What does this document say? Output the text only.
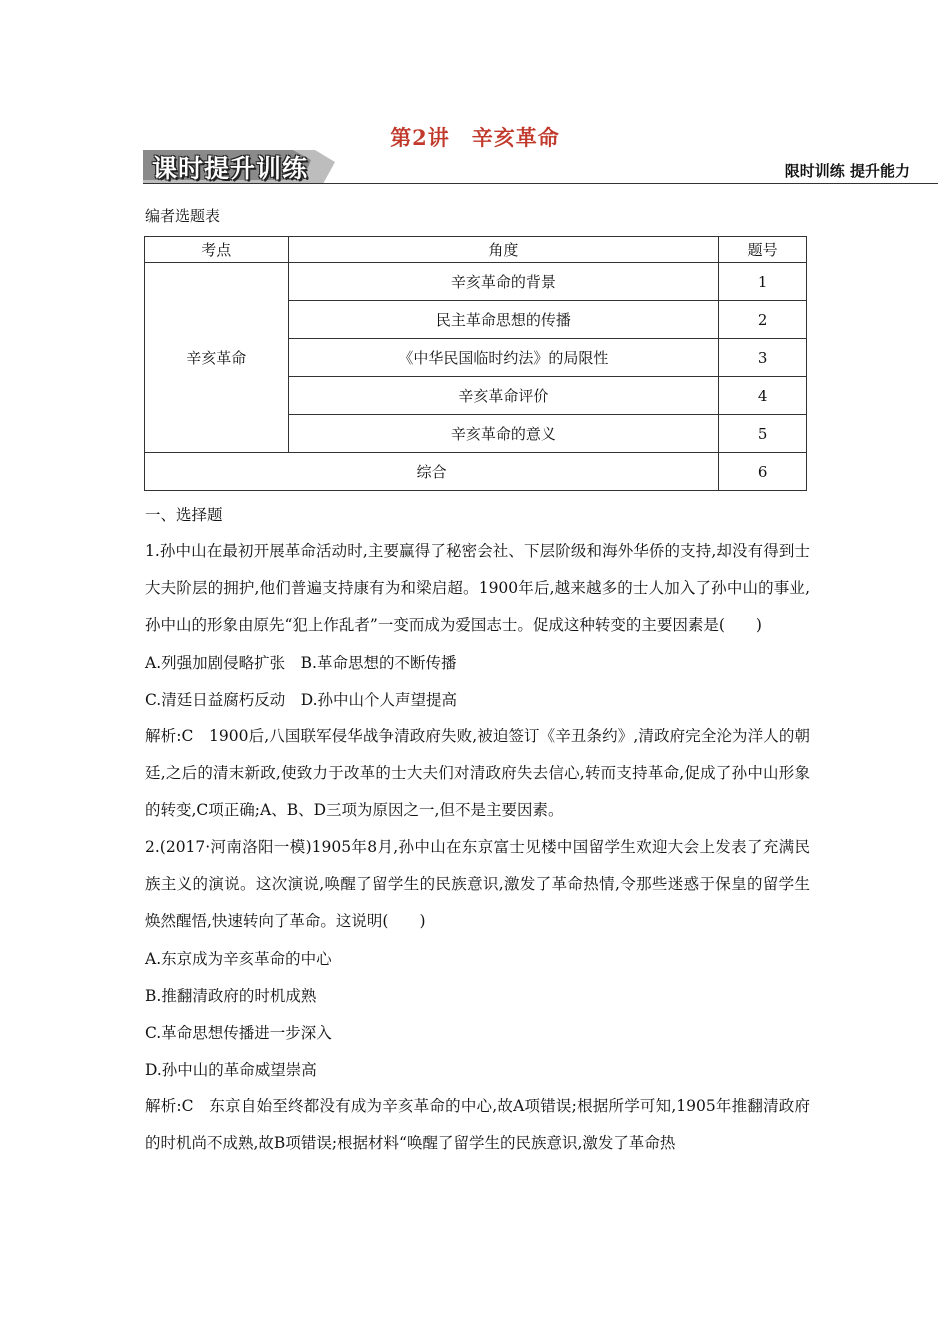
第2讲　辛亥革命
课时提升训练	限时训练 提升能力
编者选题表
考点	角度	题号
辛亥革命	辛亥革命的背景	1
	民主革命思想的传播	2
	《中华民国临时约法》的局限性	3
	辛亥革命评价	4
	辛亥革命的意义	5
综合		6

一、选择题

1.孙中山在最初开展革命活动时,主要赢得了秘密会社、下层阶级和海外华侨的支持,却没有得到士大夫阶层的拥护,他们普遍支持康有为和梁启超。1900年后,越来越多的士人加入了孙中山的事业,孙中山的形象由原先“犯上作乱者”一变而成为爱国志士。促成这种转变的主要因素是(　　)

A.列强加剧侵略扩张　B.革命思想的不断传播

C.清廷日益腐朽反动　D.孙中山个人声望提高

解析:C　1900后,八国联军侵华战争清政府失败,被迫签订《辛丑条约》,清政府完全沦为洋人的朝廷,之后的清末新政,使致力于改革的士大夫们对清政府失去信心,转而支持革命,促成了孙中山形象的转变,C项正确;A、B、D三项为原因之一,但不是主要因素。

2.(2017·河南洛阳一模)1905年8月,孙中山在东京富士见楼中国留学生欢迎大会上发表了充满民族主义的演说。这次演说,唤醒了留学生的民族意识,激发了革命热情,令那些迷惑于保皇的留学生焕然醒悟,快速转向了革命。这说明(　　)

A.东京成为辛亥革命的中心

B.推翻清政府的时机成熟

C.革命思想传播进一步深入

D.孙中山的革命威望崇高

解析:C　东京自始至终都没有成为辛亥革命的中心,故A项错误;根据所学可知,1905年推翻清政府的时机尚不成熟,故B项错误;根据材料“唤醒了留学生的民族意识,激发了革命热
